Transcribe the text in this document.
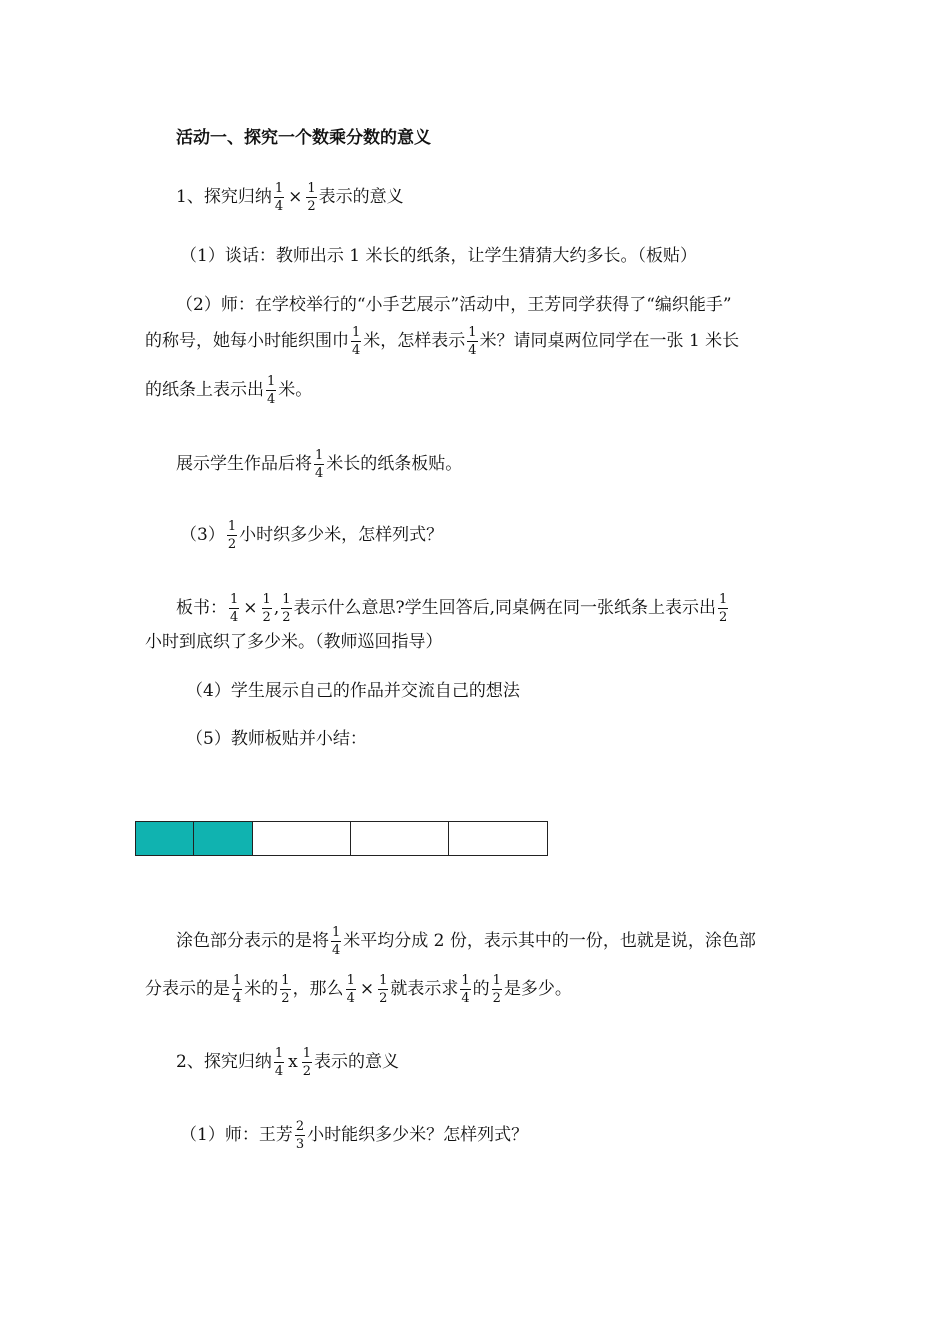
活动一、探究一个数乘分数的意义
1、探究归纳 $\frac{1}{4} \times \frac{1}{2}$ 表示的意义
（1）谈话：教师出示 1 米长的纸条，让学生猜猜大约多长。（板贴）
（2）师：在学校举行的“小手艺展示”活动中，王芳同学获得了“编织能手”
的称号，她每小时能织围巾 $\frac{1}{4}$ 米，怎样表示 $\frac{1}{4}$ 米？请同桌两位同学在一张 1 米长
的纸条上表示出 $\frac{1}{4}$ 米。
展示学生作品后将 $\frac{1}{4}$ 米长的纸条板贴。
$(3) \frac{1}{2}$ 小时织多少米，怎样列式？
板书： $\frac{1}{4} \times \frac{1}{2}$ , $\frac{1}{2}$ 表示什么意思?学生回答后,同桌俩在同一张纸条上表示出 $\frac{1}{2}$
小时到底织了多少米。（教师巡回指导）
（4）学生展示自己的作品并交流自己的想法
（5）教师板贴并小结：
涂色部分表示的是将 $\frac{1}{4}$ 米平均分成 2 份，表示其中的一份，也就是说，涂色部
分表示的是 $\frac{1}{4}$ 米的 $\frac{1}{2}$ ，那么 $\frac{1}{4} \times \frac{1}{2}$ 就表示求 $\frac{1}{4}$ 的 $\frac{1}{2}$ 是多少。
2、探究归纳 $\frac{1}{4}$ x $\frac{1}{2}$ 表示的意义
（1）师：王芳 $\frac{2}{3}$ 小时能织多少米？怎样列式？
